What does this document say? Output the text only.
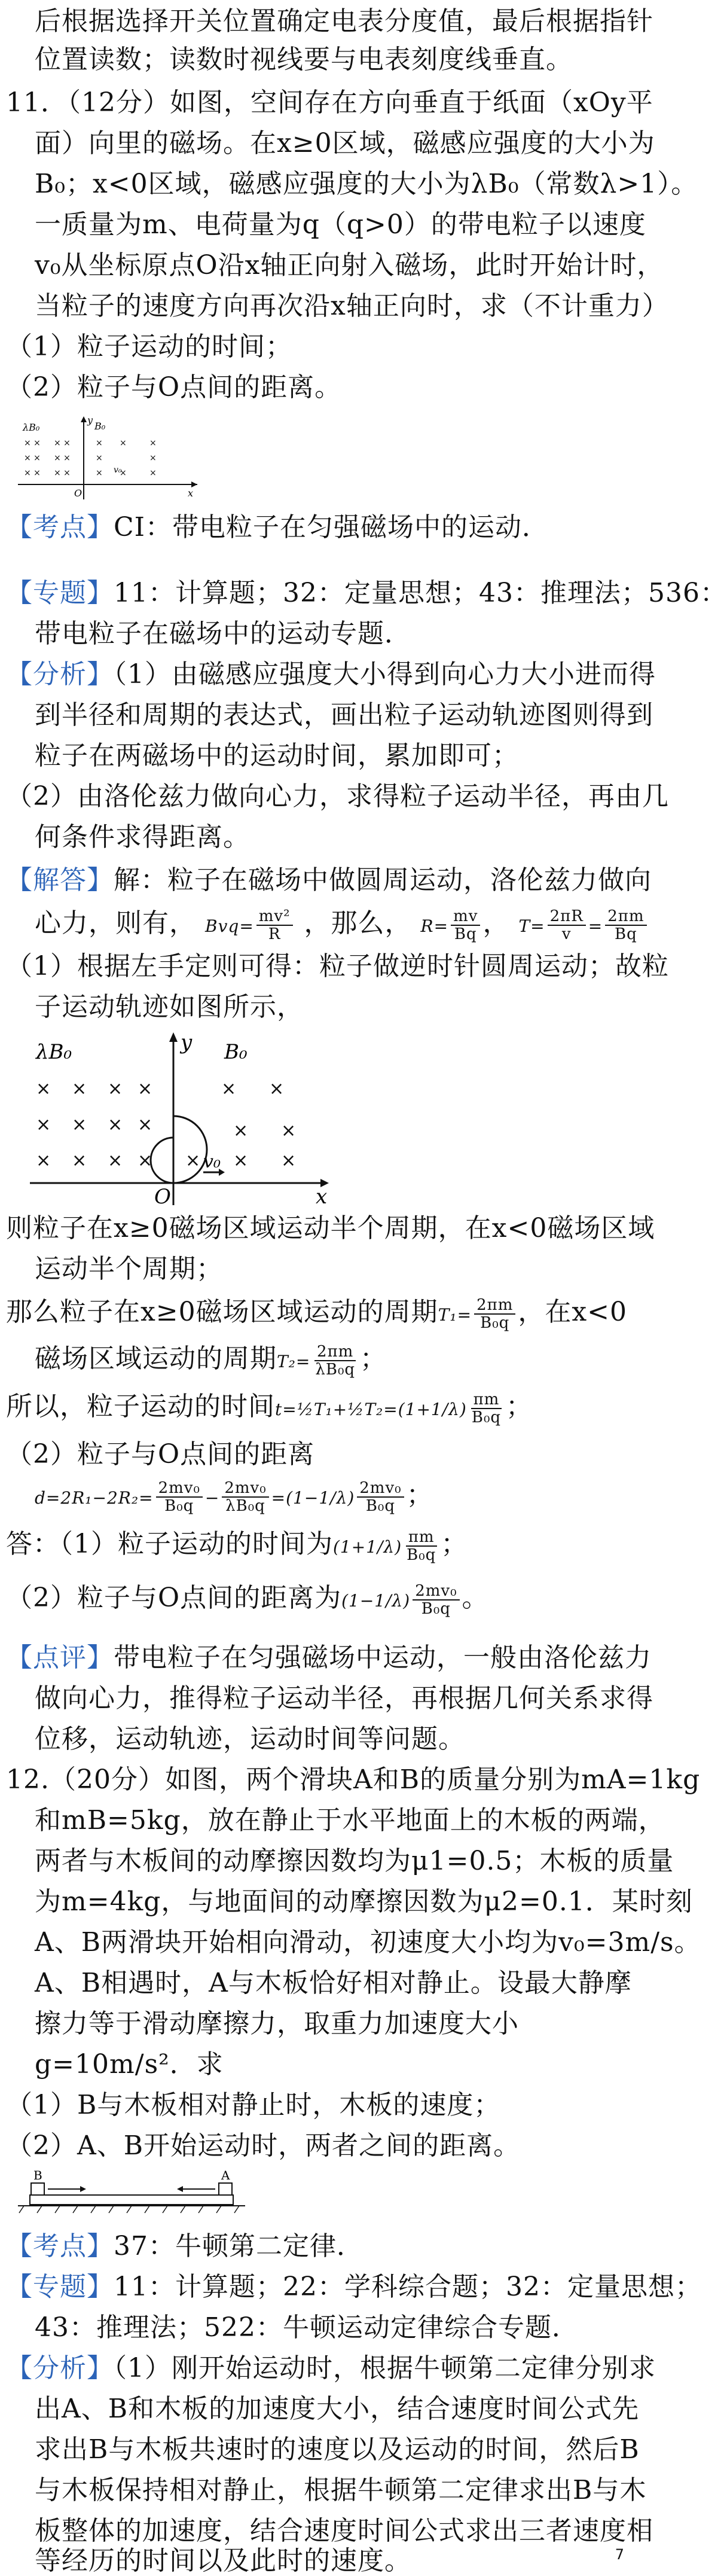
后根据选择开关位置确定电表分度值，最后根据指针
位置读数；读数时视线要与电表刻度线垂直。
11．（12分）如图，空间存在方向垂直于纸面（xOy平
面）向里的磁场。在x≥0区域，磁感应强度的大小为
B₀；x<0区域，磁感应强度的大小为λB₀（常数λ>1）。
一质量为m、电荷量为q（q>0）的带电粒子以速度
v₀从坐标原点O沿x轴正向射入磁场，此时开始计时，
当粒子的速度方向再次沿x轴正向时，求（不计重力）
（1）粒子运动的时间；
（2）粒子与O点间的距离。
× × × ×
× × × ×
× × × ×
× ×	×
×	×
× ×	×
λB₀	B₀
y
x
O
v₀
【考点】CI：带电粒子在匀强磁场中的运动．
【专题】11：计算题；32：定量思想；43：推理法；536：
带电粒子在磁场中的运动专题．
【分析】（1）由磁感应强度大小得到向心力大小进而得
到半径和周期的表达式，画出粒子运动轨迹图则得到
粒子在两磁场中的运动时间，累加即可；
（2）由洛伦兹力做向心力，求得粒子运动半径，再由几
何条件求得距离。
【解答】解：粒子在磁场中做圆周运动，洛伦兹力做向
心力，则有， $Bvq= \frac{\text{mv²}}{R}$ ，那么， $R= \frac{mv}{Bq}$ ， $T= \frac{2\pi R}{v} = \frac{2\pi m}{Bq}$
（1）根据左手定则可得：粒子做逆时针圆周运动；故粒
子运动轨迹如图所示，
× × × ×
× × × ×
× × × ×
× ×
× ×
× × ×
λB₀	B₀
y
x
O
v₀
则粒子在x≥0磁场区域运动半个周期，在x<0磁场区域
运动半个周期；
那么粒子在x≥0磁场区域运动的周期$T_1= \frac{2\pi m}{\text{B₀q}}$ ，在x<0
磁场区域运动的周期$T_2= \frac{2\pi m}{\text{λB₀q}}$ ；
所以，粒子运动的时间t=½T₁+½T₂=(1+1/λ) $\frac{\pi m}{\text{B₀q}}$ ；
（2）粒子与O点间的距离
$d=2R_1-2R_2= \frac{\text{2mv₀}}{\text{B₀q}} - \frac{\text{2mv₀}}{\text{λB₀q}} =(1-1/\lambda) \frac{\text{2mv₀}}{\text{B₀q}}$ ；
答：（1）粒子运动的时间为$(1+1/\lambda) \frac{\pi m}{\text{B₀q}}$ ；
（2）粒子与O点间的距离为$(1-1/\lambda) \frac{\text{2mv₀}}{\text{B₀q}}$ 。
【点评】带电粒子在匀强磁场中运动，一般由洛伦兹力
做向心力，推得粒子运动半径，再根据几何关系求得
位移，运动轨迹，运动时间等问题。
12.（20分）如图，两个滑块A和B的质量分别为mA=1kg
和mB=5kg，放在静止于水平地面上的木板的两端，
两者与木板间的动摩擦因数均为μ1=0.5；木板的质量
为m=4kg，与地面间的动摩擦因数为μ2=0.1．某时刻
A、B两滑块开始相向滑动，初速度大小均为v₀=3m/s。
A、B相遇时，A与木板恰好相对静止。设最大静摩
擦力等于滑动摩擦力，取重力加速度大小
g=10m/s²．求
（1）B与木板相对静止时，木板的速度；
（2）A、B开始运动时，两者之间的距离。
B	A
【考点】37：牛顿第二定律．
【专题】11：计算题；22：学科综合题；32：定量思想；
43：推理法；522：牛顿运动定律综合专题．
【分析】（1）刚开始运动时，根据牛顿第二定律分别求
出A、B和木板的加速度大小，结合速度时间公式先
求出B与木板共速时的速度以及运动的时间，然后B
与木板保持相对静止，根据牛顿第二定律求出B与木
板整体的加速度，结合速度时间公式求出三者速度相
等经历的时间以及此时的速度。	7
